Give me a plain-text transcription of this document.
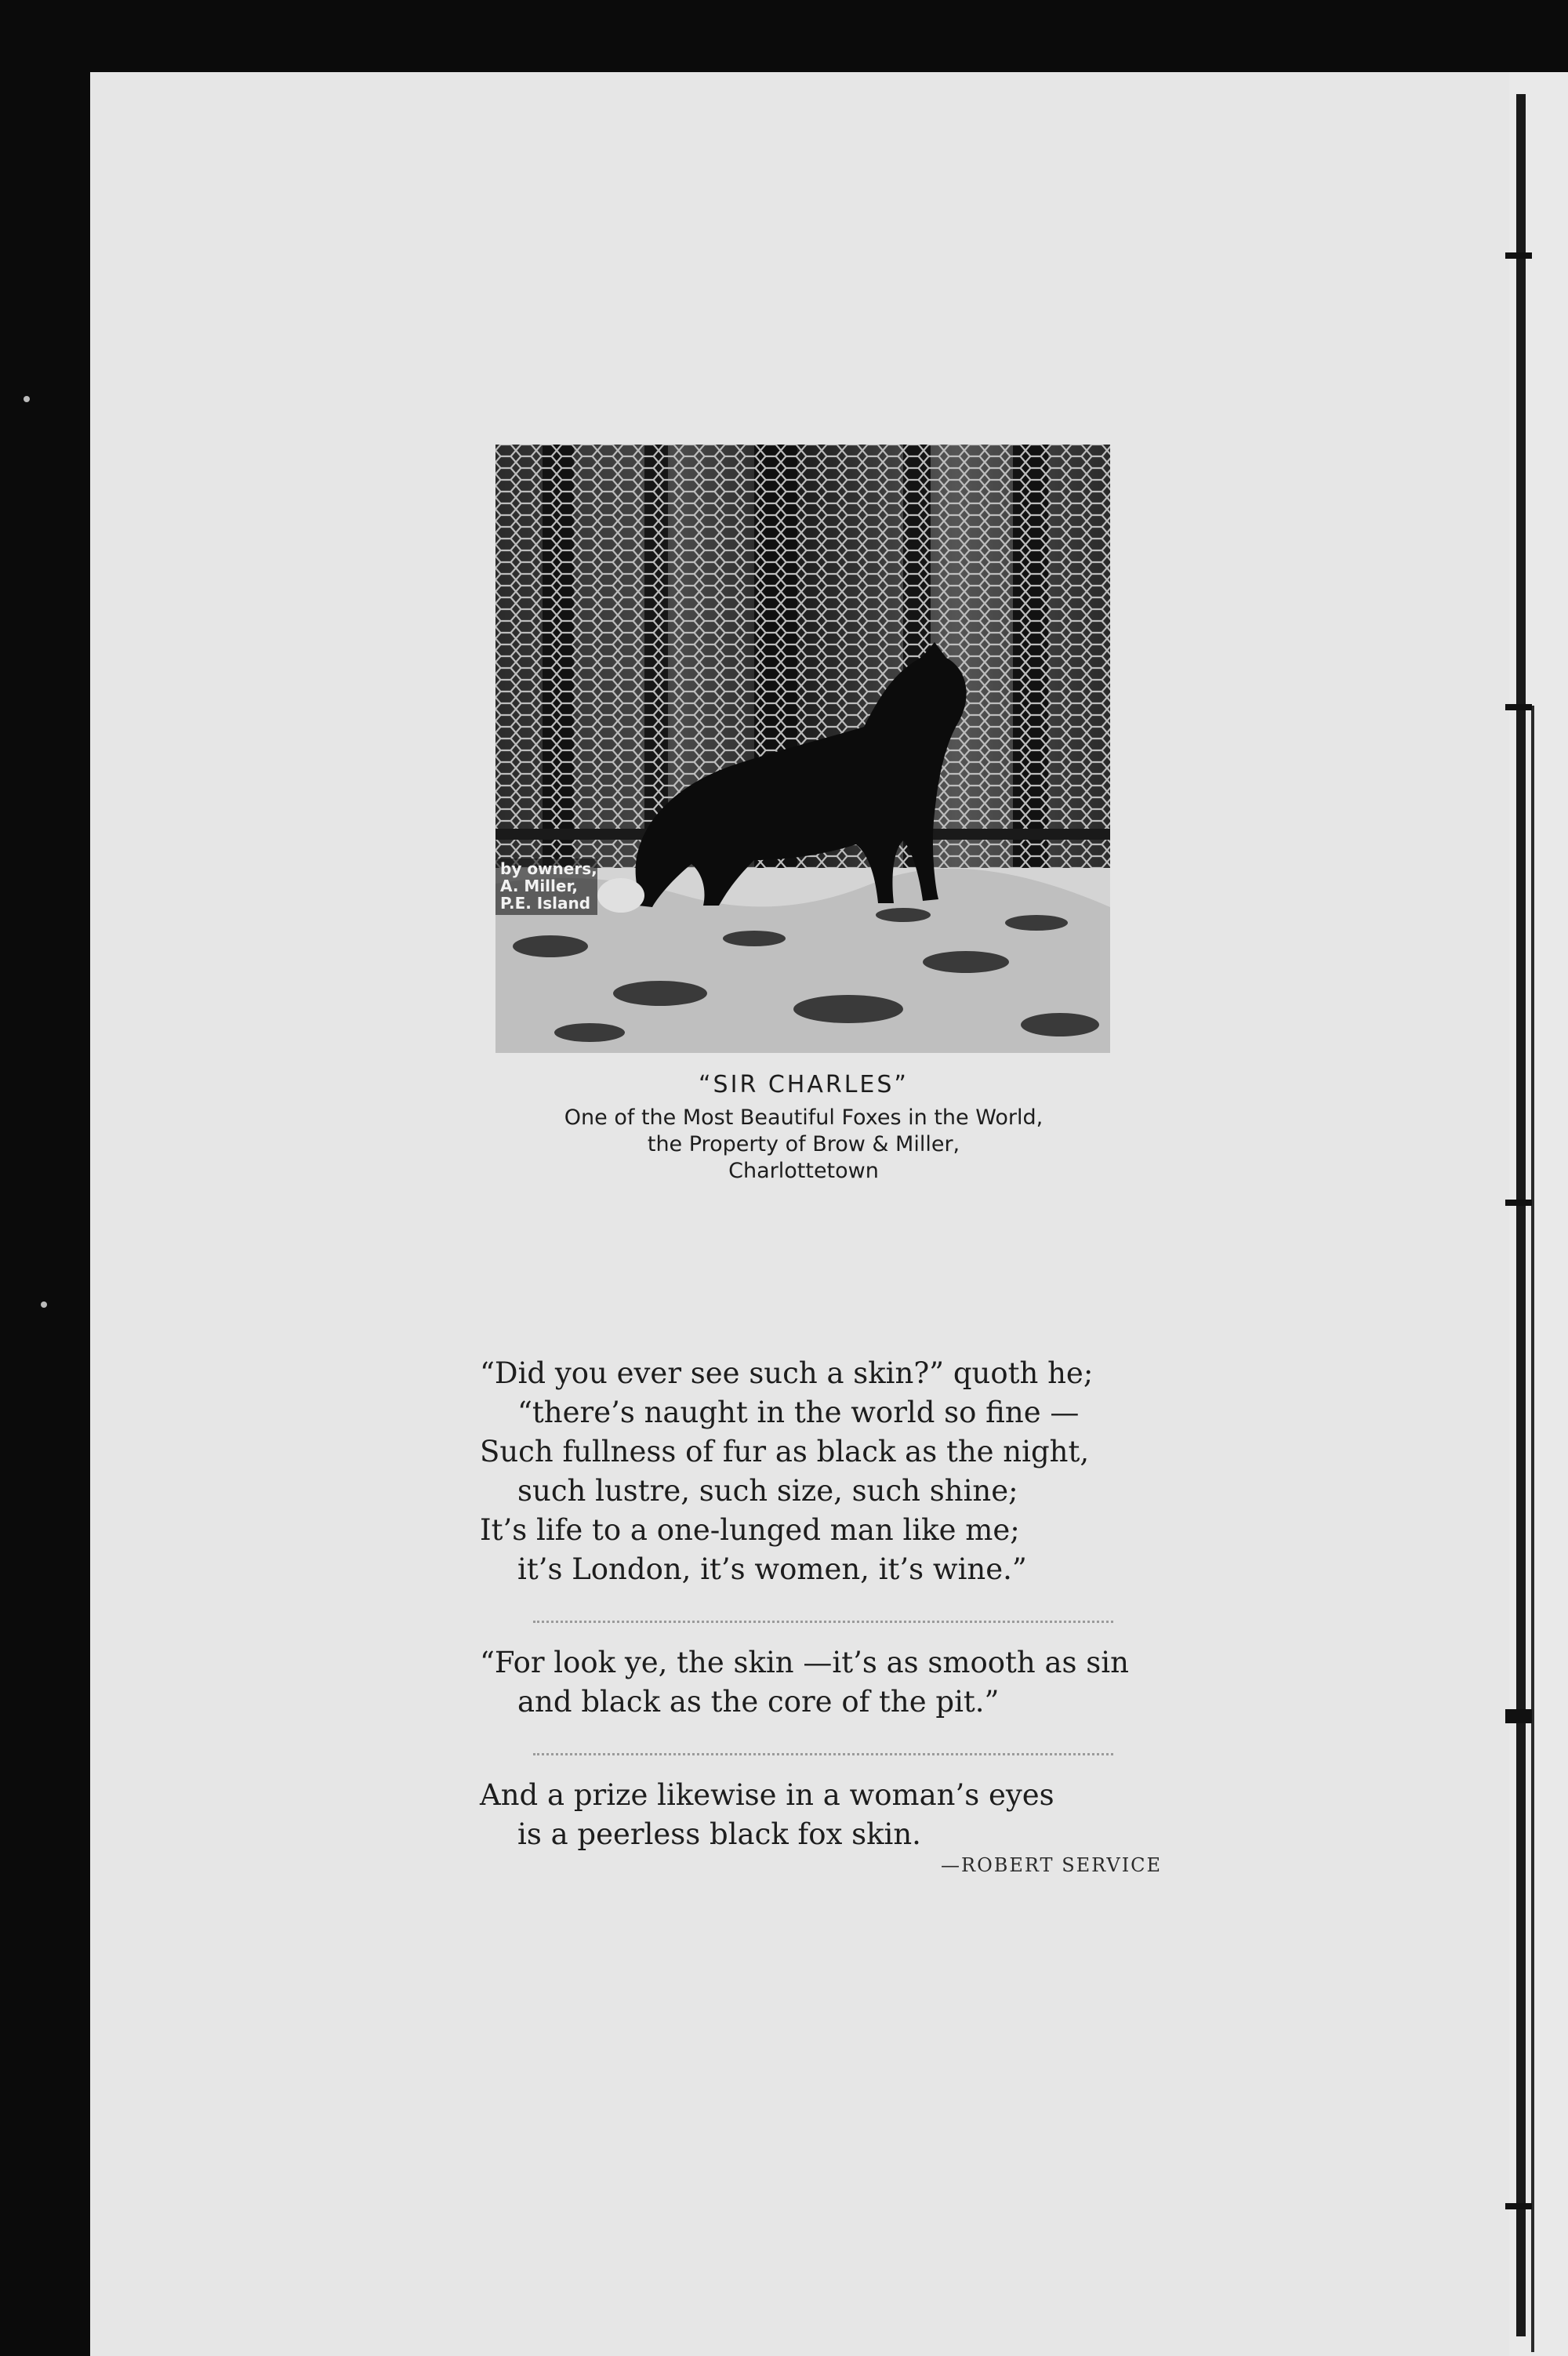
by owners,
A. Miller,
P.E. Island

“SIR CHARLES”

One of the Most Beautiful Foxes in the World,

the Property of Brow & Miller,

Charlottetown

“Did you ever see such a skin?” quoth he;
“there’s naught in the world so fine —
Such fullness of fur as black as the night,
such lustre, such size, such shine;
It’s life to a one-lunged man like me;
it’s London, it’s women, it’s wine.”
“For look ye, the skin —it’s as smooth as sin
and black as the core of the pit.”
And a prize likewise in a woman’s eyes
is a peerless black fox skin.
—ROBERT SERVICE
